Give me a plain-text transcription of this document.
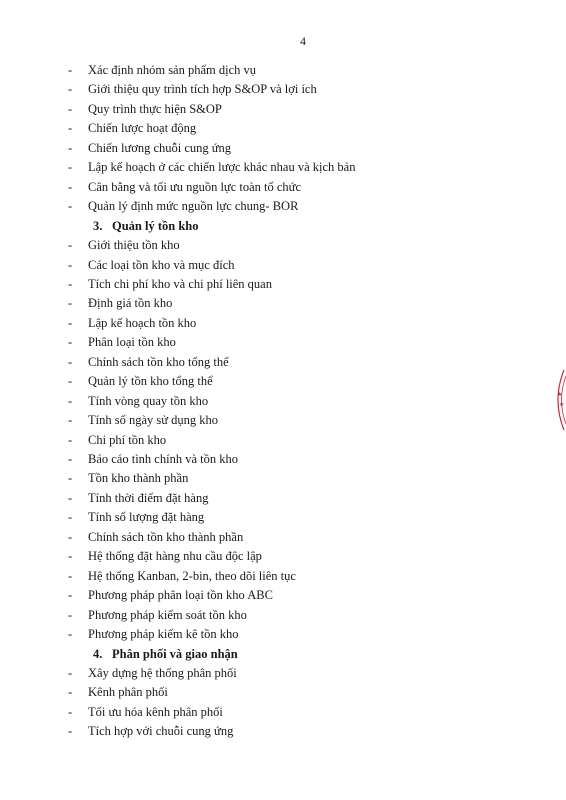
4
- Xác định nhóm sản phẩm dịch vụ
- Giới thiệu quy trình tích hợp S&OP và lợi ích
- Quy trình thực hiện S&OP
- Chiến lược hoạt động
- Chiến lương chuỗi cung ứng
- Lập kế hoạch ở các chiến lược khác nhau và kịch bản
- Cân bằng và tối ưu nguồn lực toàn tổ chức
- Quản lý định mức nguồn lực chung- BOR
3. Quản lý tồn kho
- Giới thiệu tồn kho
- Các loại tồn kho và mục đích
- Tích chi phí kho và chi phí liên quan
- Định giá tồn kho
- Lập kế hoạch tồn kho
- Phân loại tồn kho
- Chính sách tồn kho tổng thể
- Quản lý tồn kho tổng thể
- Tính vòng quay tồn kho
- Tính số ngày sử dụng kho
- Chi phí tồn kho
- Báo cáo tình chính và tồn kho
- Tồn kho thành phần
- Tính thời điểm đặt hàng
- Tính số lượng đặt hàng
- Chính sách tồn kho thành phần
- Hệ thống đặt hàng nhu cầu độc lập
- Hệ thống Kanban, 2-bin, theo dõi liên tục
- Phương pháp phân loại tồn kho ABC
- Phương pháp kiểm soát tồn kho
- Phương pháp kiểm kê tồn kho
4. Phân phối và giao nhận
- Xây dựng hệ thống phân phối
- Kênh phân phối
- Tối ưu hóa kênh phân phối
- Tích hợp với chuỗi cung ứng
★
★
